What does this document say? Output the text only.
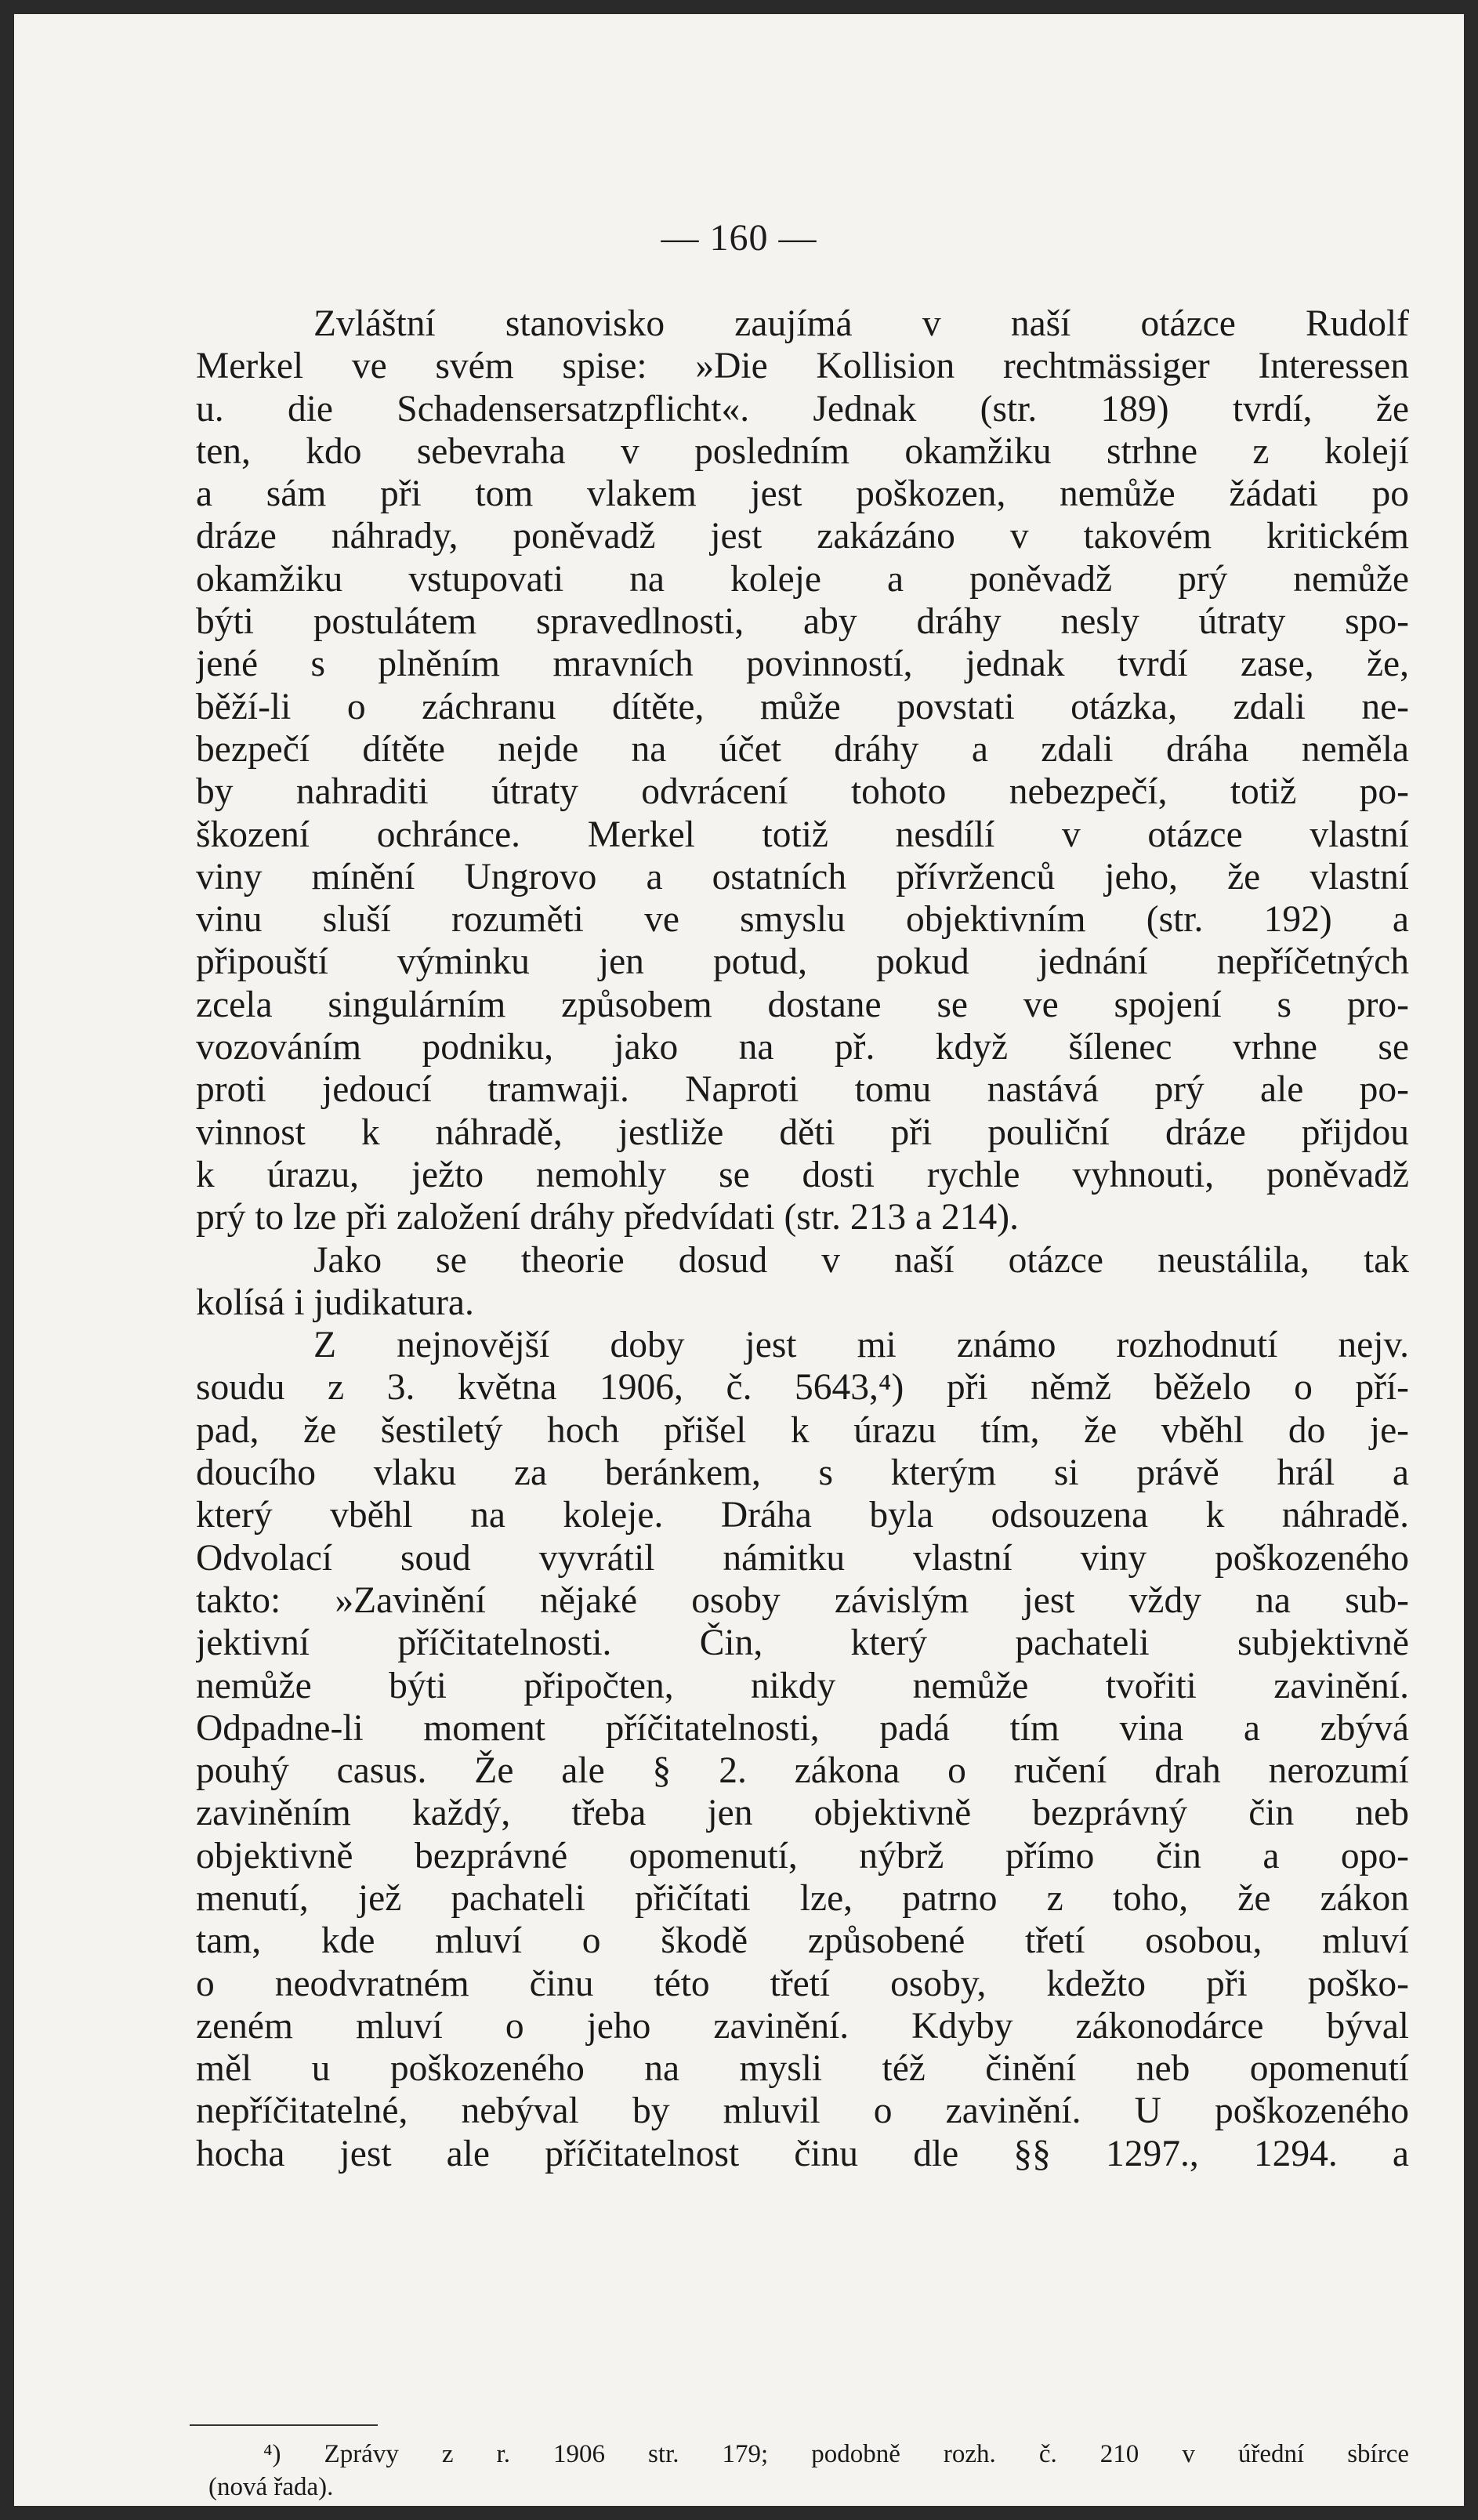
— 160 —
Zvláštní stanovisko zaujímá v naší otázce Rudolf
Merkel ve svém spise: »Die Kollision rechtmässiger Interessen
u. die Schadensersatzpflicht«. Jednak (str. 189) tvrdí, že
ten, kdo sebevraha v posledním okamžiku strhne z kolejí
a sám při tom vlakem jest poškozen, nemůže žádati po
dráze náhrady, poněvadž jest zakázáno v takovém kritickém
okamžiku vstupovati na koleje a poněvadž prý nemůže
býti postulátem spravedlnosti, aby dráhy nesly útraty spo-
jené s plněním mravních povinností, jednak tvrdí zase, že,
běží-li o záchranu dítěte, může povstati otázka, zdali ne-
bezpečí dítěte nejde na účet dráhy a zdali dráha neměla
by nahraditi útraty odvrácení tohoto nebezpečí, totiž po-
škození ochránce. Merkel totiž nesdílí v otázce vlastní
viny mínění Ungrovo a ostatních přívrženců jeho, že vlastní
vinu sluší rozuměti ve smyslu objektivním (str. 192) a
připouští výminku jen potud, pokud jednání nepříčetných
zcela singulárním způsobem dostane se ve spojení s pro-
vozováním podniku, jako na př. když šílenec vrhne se
proti jedoucí tramwaji. Naproti tomu nastává prý ale po-
vinnost k náhradě, jestliže děti při pouliční dráze přijdou
k úrazu, ježto nemohly se dosti rychle vyhnouti, poněvadž
prý to lze při založení dráhy předvídati (str. 213 a 214).
Jako se theorie dosud v naší otázce neustálila, tak
kolísá i judikatura.
Z nejnovější doby jest mi známo rozhodnutí nejv.
soudu z 3. května 1906, č. 5643,⁴) při němž běželo o pří-
pad, že šestiletý hoch přišel k úrazu tím, že vběhl do je-
doucího vlaku za beránkem, s kterým si právě hrál a
který vběhl na koleje. Dráha byla odsouzena k náhradě.
Odvolací soud vyvrátil námitku vlastní viny poškozeného
takto: »Zavinění nějaké osoby závislým jest vždy na sub-
jektivní příčitatelnosti. Čin, který pachateli subjektivně
nemůže býti připočten, nikdy nemůže tvořiti zavinění.
Odpadne-li moment příčitatelnosti, padá tím vina a zbývá
pouhý casus. Že ale § 2. zákona o ručení drah nerozumí
zaviněním každý, třeba jen objektivně bezprávný čin neb
objektivně bezprávné opomenutí, nýbrž přímo čin a opo-
menutí, jež pachateli přičítati lze, patrno z toho, že zákon
tam, kde mluví o škodě způsobené třetí osobou, mluví
o neodvratném činu této třetí osoby, kdežto při poško-
zeném mluví o jeho zavinění. Kdyby zákonodárce býval
měl u poškozeného na mysli též činění neb opomenutí
nepříčitatelné, nebýval by mluvil o zavinění. U poškozeného
hocha jest ale příčitatelnost činu dle §§ 1297., 1294. a
⁴) Zprávy z r. 1906 str. 179; podobně rozh. č. 210 v úřední sbírce
(nová řada).
